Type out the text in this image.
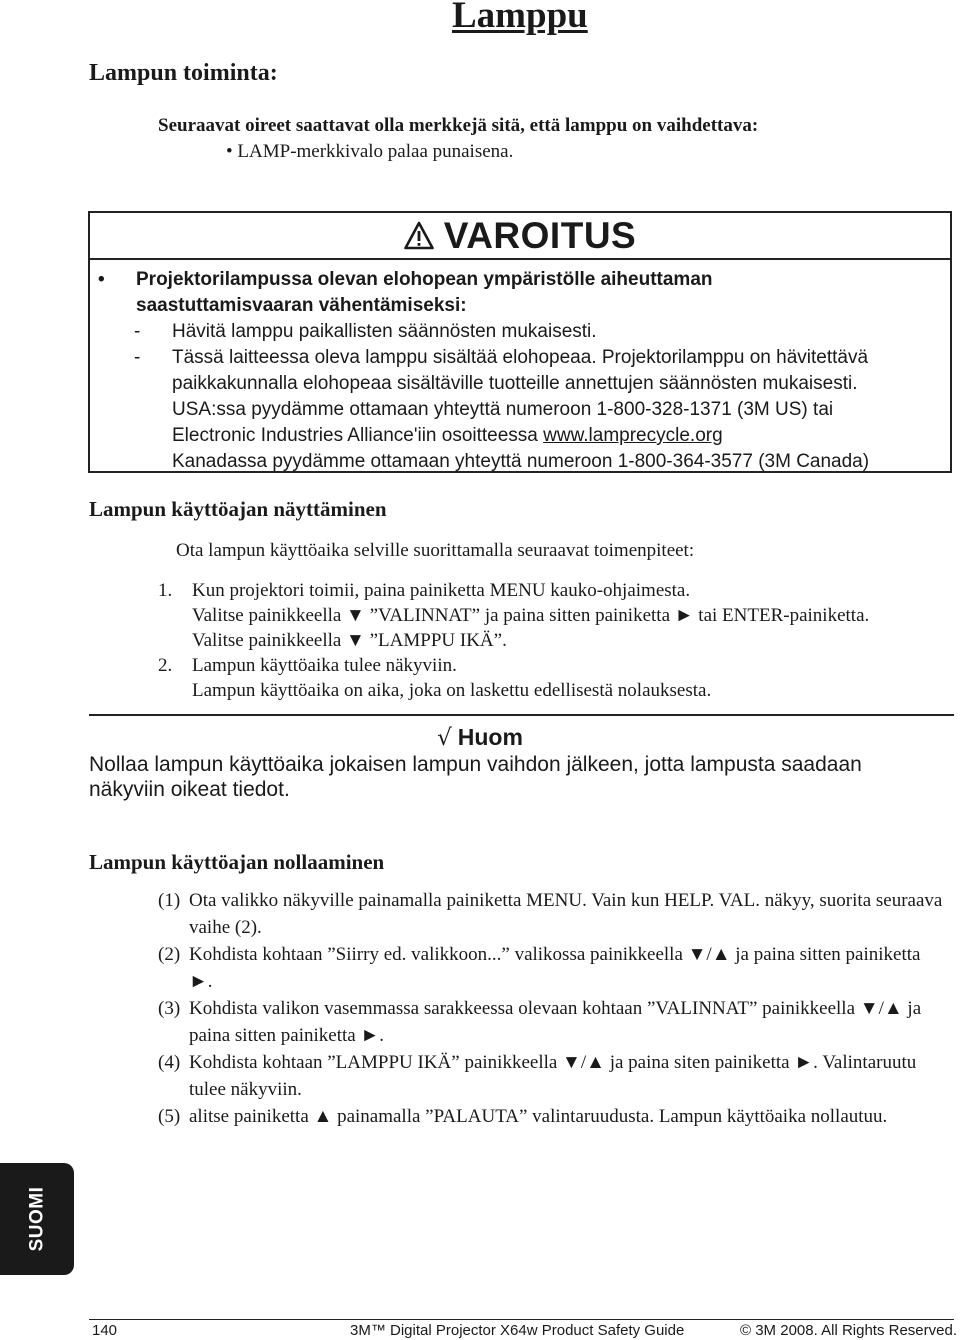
Lamppu
Lampun toiminta:
Seuraavat oireet saattavat olla merkkejä sitä, että lamppu on vaihdettava:
• LAMP-merkkivalo palaa punaisena.
VAROITUS
• Projektorilampussa olevan elohopean ympäristölle aiheuttaman
saastuttamisvaaran vähentämiseksi:
- Hävitä lamppu paikallisten säännösten mukaisesti.
- Tässä laitteessa oleva lamppu sisältää elohopeaa. Projektorilamppu on hävitettävä
paikkakunnalla elohopeaa sisältäville tuotteille annettujen säännösten mukaisesti.
USA:ssa pyydämme ottamaan yhteyttä numeroon 1-800-328-1371 (3M US) tai
Electronic Industries Alliance'iin osoitteessa www.lamprecycle.org
Kanadassa pyydämme ottamaan yhteyttä numeroon 1-800-364-3577 (3M Canada)
Lampun käyttöajan näyttäminen
Ota lampun käyttöaika selville suorittamalla seuraavat toimenpiteet:
1. Kun projektori toimii, paina painiketta MENU kauko-ohjaimesta.
Valitse painikkeella ▼ ”VALINNAT” ja paina sitten painiketta ► tai ENTER-painiketta.
Valitse painikkeella ▼ ”LAMPPU IKÄ”.
2. Lampun käyttöaika tulee näkyviin.
Lampun käyttöaika on aika, joka on laskettu edellisestä nolauksesta.
√ Huom
Nollaa lampun käyttöaika jokaisen lampun vaihdon jälkeen, jotta lampusta saadaan näkyviin oikeat tiedot.
Lampun käyttöajan nollaaminen
(1) Ota valikko näkyville painamalla painiketta MENU. Vain kun HELP. VAL. näkyy, suorita seuraava vaihe (2).
(2) Kohdista kohtaan ”Siirry ed. valikkoon...” valikossa painikkeella ▼/▲ ja paina sitten painiketta ►.
(3) Kohdista valikon vasemmassa sarakkeessa olevaan kohtaan ”VALINNAT” painikkeella ▼/▲ ja paina sitten painiketta ►.
(4) Kohdista kohtaan ”LAMPPU IKÄ” painikkeella ▼/▲ ja paina siten painiketta ►. Valintaruutu tulee näkyviin.
(5) alitse painiketta ▲ painamalla ”PALAUTA” valintaruudusta. Lampun käyttöaika nollautuu.
SUOMI
140	3M™ Digital Projector X64w Product Safety Guide	© 3M 2008. All Rights Reserved.
